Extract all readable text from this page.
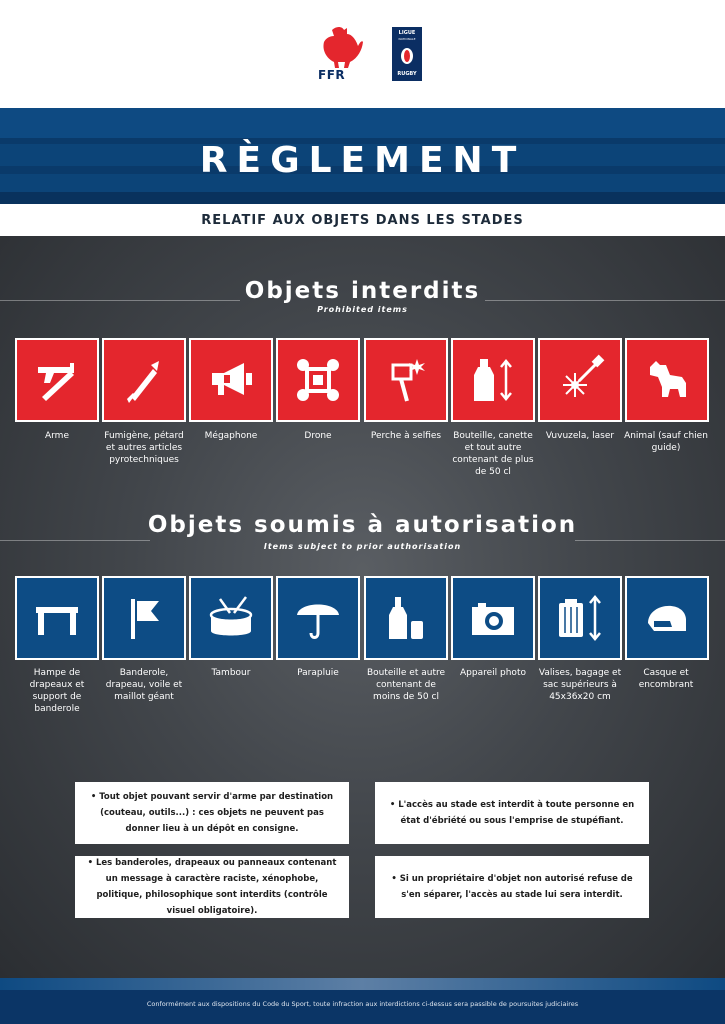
FFR
LIGUE
NATIONALE
RUGBY
RÈGLEMENT
RELATIF AUX OBJETS DANS LES STADES
Objets interdits
Prohibited items
Arme	Fumigène, pétard et autres articles pyrotechniques
Mégaphone	Drone	Perche à selfies	Bouteille, canette et tout autre contenant de plus de 50 cl
Vuvuzela, laser	Animal (sauf chien guide)
Objets soumis à autorisation
Items subject to prior authorisation
Hampe de drapeaux et support de banderole
Banderole, drapeau, voile et maillot géant
Tambour	Parapluie	Bouteille et autre contenant de moins de 50 cl
Appareil photo	Valises, bagage et sac supérieurs à 45x36x20 cm
Casque et encombrant
• Tout objet pouvant servir d'arme par destination (couteau, outils...) : ces objets ne peuvent pas donner lieu à un dépôt en consigne.
• L'accès au stade est interdit à toute personne en état d'ébriété ou sous l'emprise de stupéfiant.
• Les banderoles, drapeaux ou panneaux contenant un message à caractère raciste, xénophobe, politique, philosophique sont interdits (contrôle visuel obligatoire).
• Si un propriétaire d'objet non autorisé refuse de s'en séparer, l'accès au stade lui sera interdit.
Conformément aux dispositions du Code du Sport, toute infraction aux interdictions ci-dessus sera passible de poursuites judiciaires
